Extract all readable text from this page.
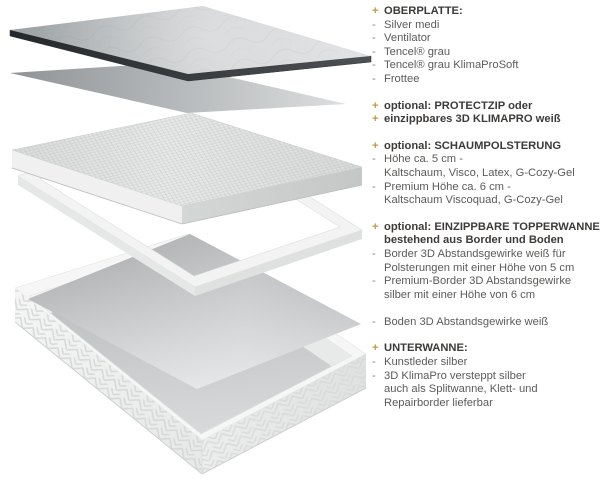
+ OBERPLATTE:
- Silver medi
- Ventilator
- Tencel® grau
- Tencel® grau KlimaProSoft
- Frottee
+ optional: PROTECTZIP oder
+ einzippbares 3D KLIMAPRO weiß
+ optional: SCHAUMPOLSTERUNG
- Höhe ca. 5 cm -
Kaltschaum, Visco, Latex, G-Cozy-Gel
- Premium Höhe ca. 6 cm -
Kaltschaum Viscoquad, G-Cozy-Gel
+ optional: EINZIPPBARE TOPPERWANNE
bestehend aus Border und Boden
- Border 3D Abstandsgewirke weiß für
Polsterungen mit einer Höhe von 5 cm
- Premium-Border 3D Abstandsgewirke
silber mit einer Höhe von 6 cm
- Boden 3D Abstandsgewirke weiß
+ UNTERWANNE:
- Kunstleder silber
- 3D KlimaPro versteppt silber
auch als Splitwanne, Klett- und
Repairborder lieferbar
